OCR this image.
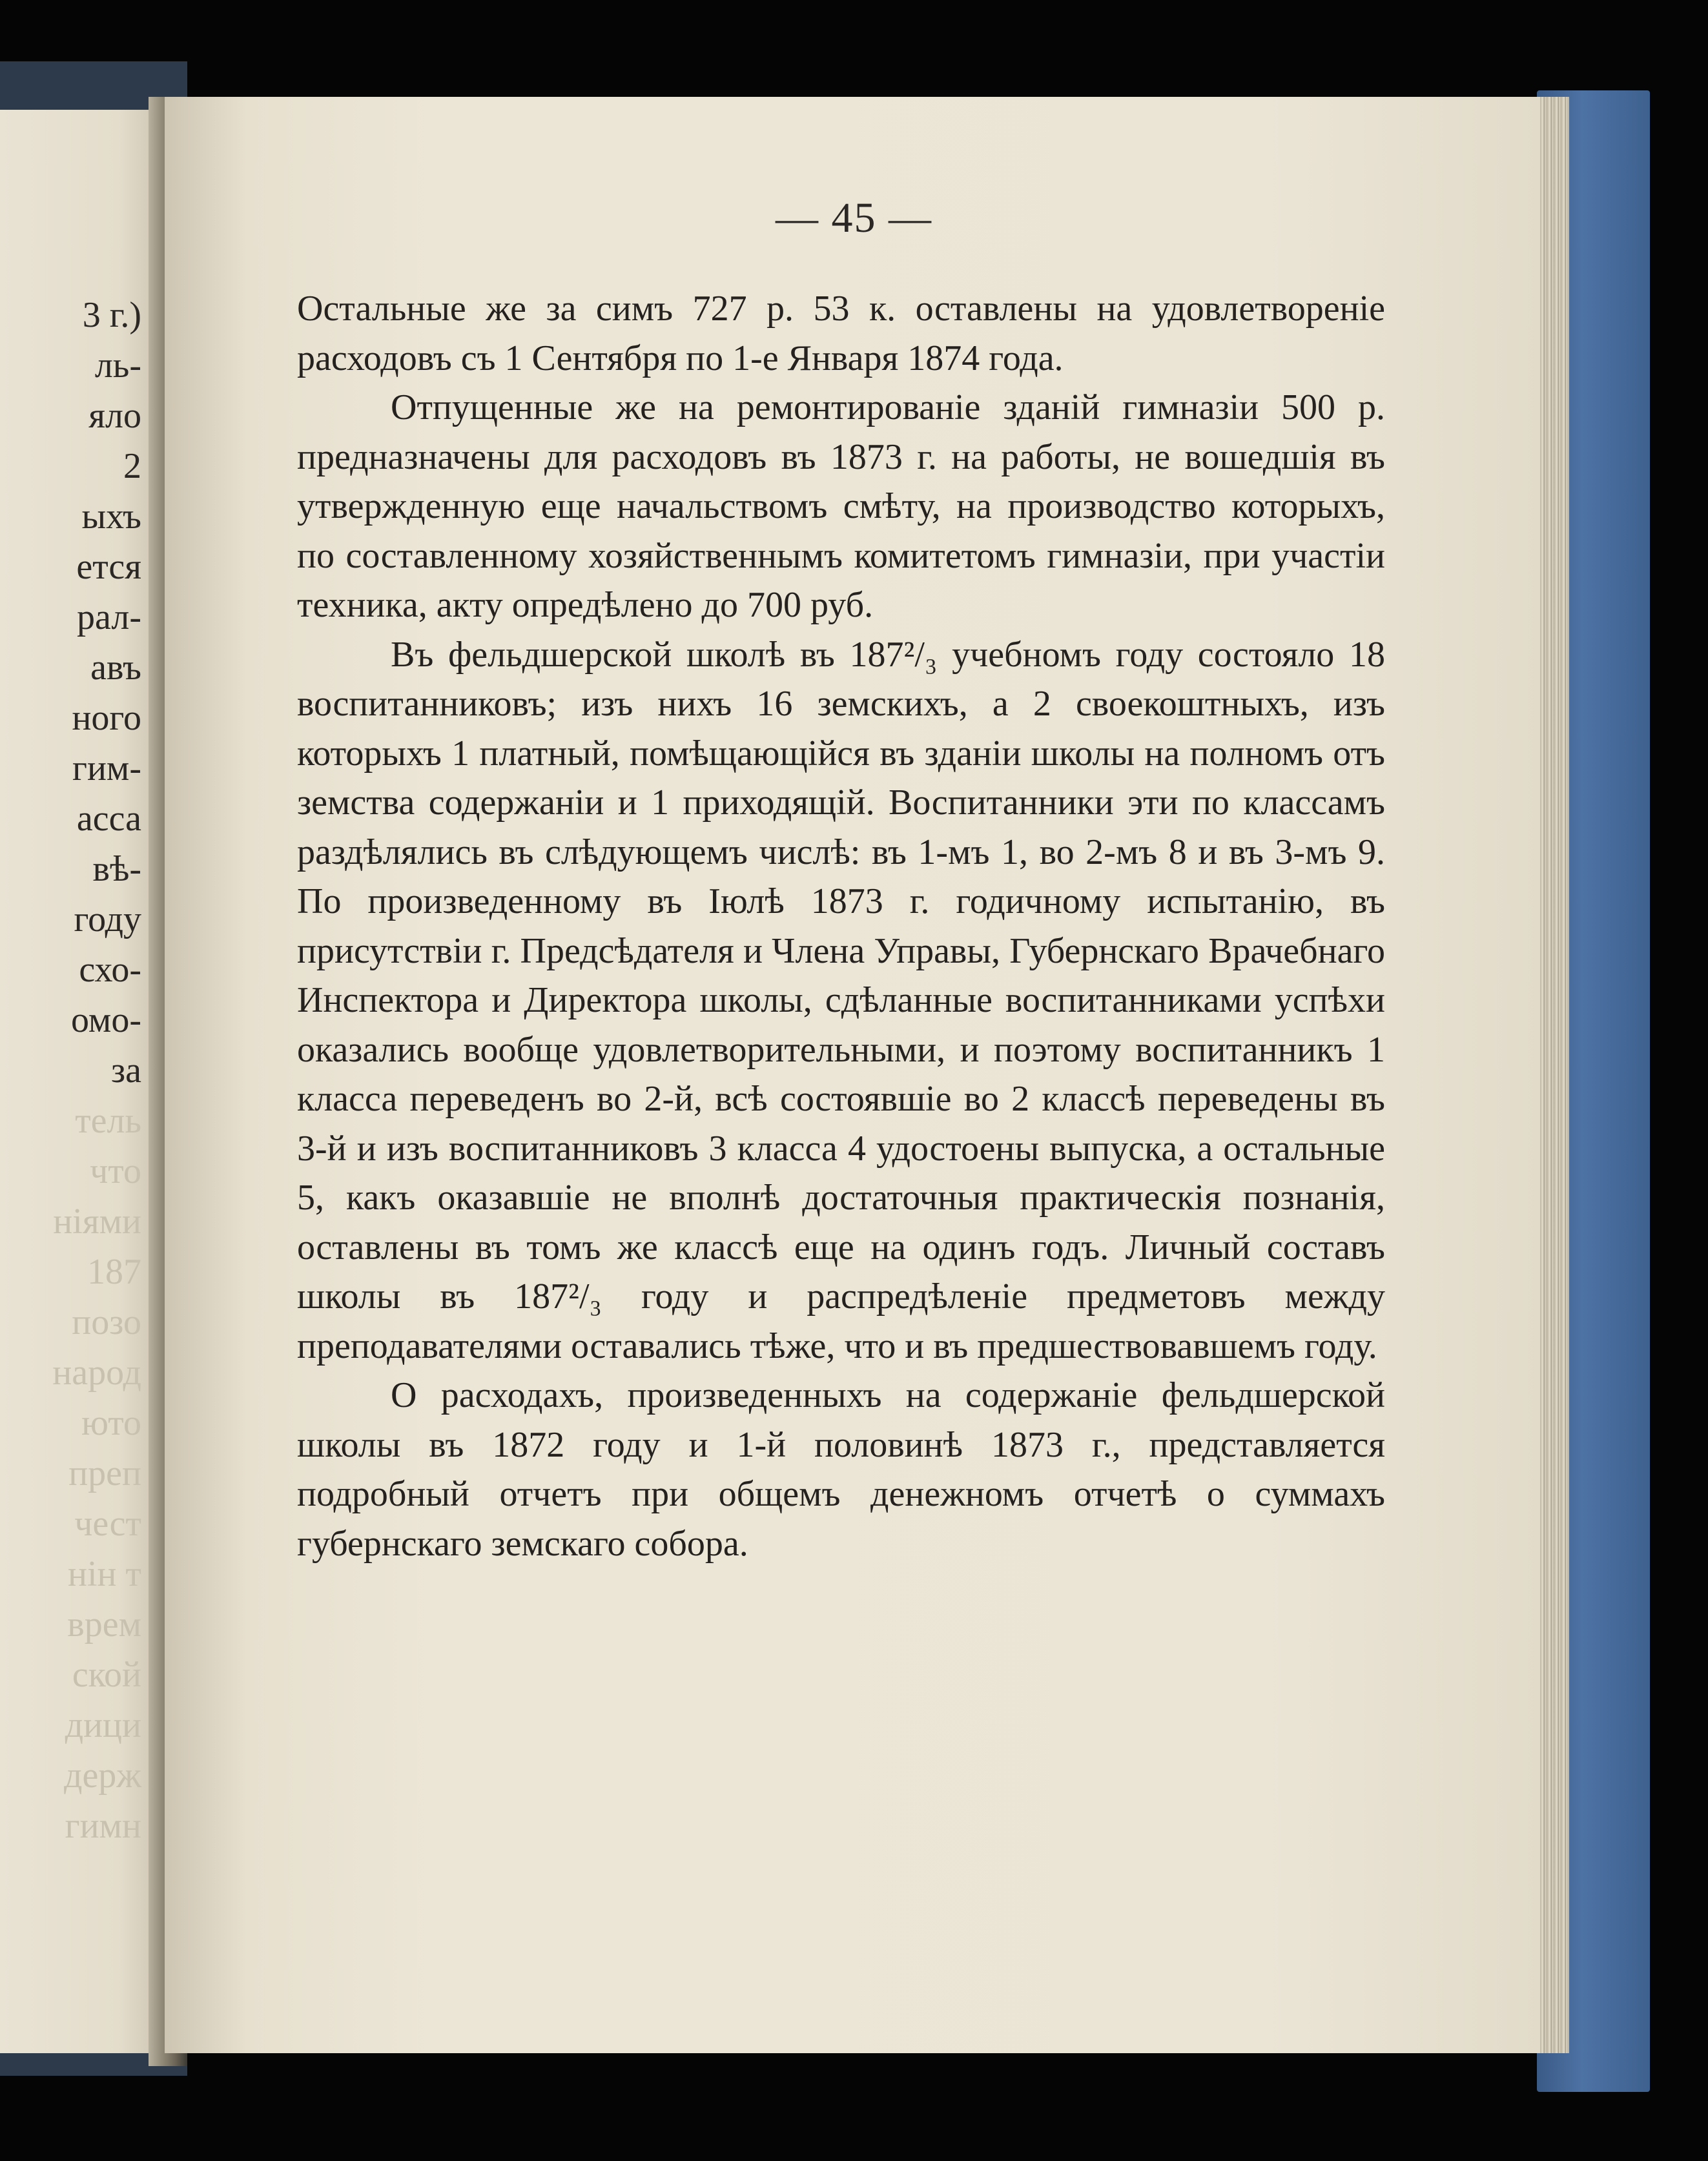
3 г.)
ль-
яло
2
ыхъ
ется
рал-
авъ
ного
гим-
асса
вѣ-
году
схо-
омо-
за
тель
что
ніями
187
позо
народ
юто
преп
чест
нін т
врем
ской
дици
держ
гимн
— 45 —

Остальные же за симъ 727 р. 53 к. оставлены на удовлетвореніе расходовъ съ 1 Сентября по 1-е Января 1874 года.

Отпущенные же на ремонтированіе зданій гимназіи 500 р. предназначены для расходовъ въ 1873 г. на работы, не вошедшія въ утвержденную еще начальствомъ смѣту, на производство которыхъ, по составленному хозяйственнымъ комитетомъ гимназіи, при участіи техника, акту опредѣлено до 700 руб.

Въ фельдшерской школѣ въ 187²/₃ учебномъ году состояло 18 воспитанниковъ; изъ нихъ 16 земскихъ, а 2 своекоштныхъ, изъ которыхъ 1 платный, помѣщающійся въ зданіи школы на полномъ отъ земства содержаніи и 1 приходящій. Воспитанники эти по классамъ раздѣлялись въ слѣдующемъ числѣ: въ 1-мъ 1, во 2-мъ 8 и въ 3-мъ 9. По произведенному въ Іюлѣ 1873 г. годичному испытанію, въ присутствіи г. Предсѣдателя и Члена Управы, Губернскаго Врачебнаго Инспектора и Директора школы, сдѣланные воспитанниками успѣхи оказались вообще удовлетворительными, и поэтому воспитанникъ 1 класса переведенъ во 2-й, всѣ состоявшіе во 2 классѣ переведены въ 3-й и изъ воспитанниковъ 3 класса 4 удостоены выпуска, а остальные 5, какъ оказавшіе не вполнѣ достаточныя практическія познанія, оставлены въ томъ же классѣ еще на одинъ годъ. Личный составъ школы въ 187²/₃ году и распредѣленіе предметовъ между преподавателями оставались тѣже, что и въ предшествовавшемъ году.

О расходахъ, произведенныхъ на содержаніе фельдшерской школы въ 1872 году и 1-й половинѣ 1873 г., представляется подробный отчетъ при общемъ денежномъ отчетѣ о суммахъ губернскаго земскаго собора.
